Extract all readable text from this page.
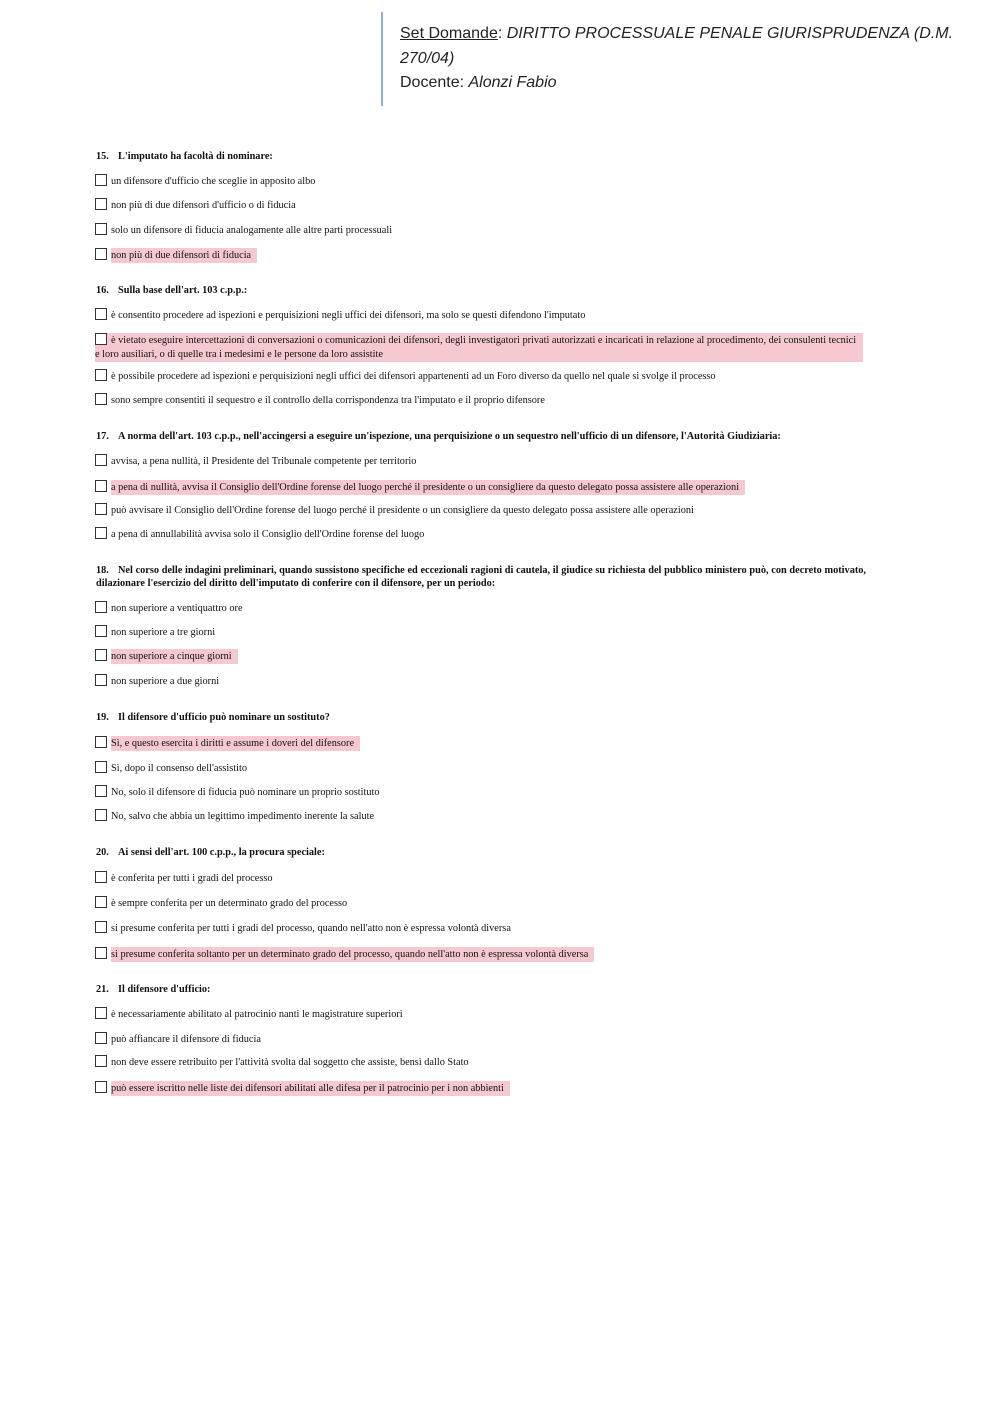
Set Domande: DIRITTO PROCESSUALE PENALE GIURISPRUDENZA (D.M. 270/04)
Docente: Alonzi Fabio
15. L'imputato ha facoltà di nominare:
un difensore d'ufficio che sceglie in apposito albo
non più di due difensori d'ufficio o di fiducia
solo un difensore di fiducia analogamente alle altre parti processuali
non più di due difensori di fiducia
16. Sulla base dell'art. 103 c.p.p.:
è consentito procedere ad ispezioni e perquisizioni negli uffici dei difensori, ma solo se questi difendono l'imputato
è vietato eseguire intercettazioni di conversazioni o comunicazioni dei difensori, degli investigatori privati autorizzati e incaricati in relazione al procedimento, dei consulenti tecnici e loro ausiliari, o di quelle tra i medesimi e le persone da loro assistite
è possibile procedere ad ispezioni e perquisizioni negli uffici dei difensori appartenenti ad un Foro diverso da quello nel quale si svolge il processo
sono sempre consentiti il sequestro e il controllo della corrispondenza tra l'imputato e il proprio difensore
17. A norma dell'art. 103 c.p.p., nell'accingersi a eseguire un'ispezione, una perquisizione o un sequestro nell'ufficio di un difensore, l'Autorità Giudiziaria:
avvisa, a pena nullità, il Presidente del Tribunale competente per territorio
a pena di nullità, avvisa il Consiglio dell'Ordine forense del luogo perché il presidente o un consigliere da questo delegato possa assistere alle operazioni
può avvisare il Consiglio dell'Ordine forense del luogo perché il presidente o un consigliere da questo delegato possa assistere alle operazioni
a pena di annullabilità avvisa solo il Consiglio dell'Ordine forense del luogo
18. Nel corso delle indagini preliminari, quando sussistono specifiche ed eccezionali ragioni di cautela, il giudice su richiesta del pubblico ministero può, con decreto motivato, dilazionare l'esercizio del diritto dell'imputato di conferire con il difensore, per un periodo:
non superiore a ventiquattro ore
non superiore a tre giorni
non superiore a cinque giorni
non superiore a due giorni
19. Il difensore d'ufficio può nominare un sostituto?
Sì, e questo esercita i diritti e assume i doveri del difensore
Sì, dopo il consenso dell'assistito
No, solo il difensore di fiducia può nominare un proprio sostituto
No, salvo che abbia un legittimo impedimento inerente la salute
20. Ai sensi dell'art. 100 c.p.p., la procura speciale:
è conferita per tutti i gradi del processo
è sempre conferita per un determinato grado del processo
si presume conferita per tutti i gradi del processo, quando nell'atto non è espressa volontà diversa
si presume conferita soltanto per un determinato grado del processo, quando nell'atto non è espressa volontà diversa
21. Il difensore d'ufficio:
è necessariamente abilitato al patrocinio nanti le magistrature superiori
può affiancare il difensore di fiducia
non deve essere retribuito per l'attività svolta dal soggetto che assiste, bensì dallo Stato
può essere iscritto nelle liste dei difensori abilitati alle difesa per il patrocinio per i non abbienti
